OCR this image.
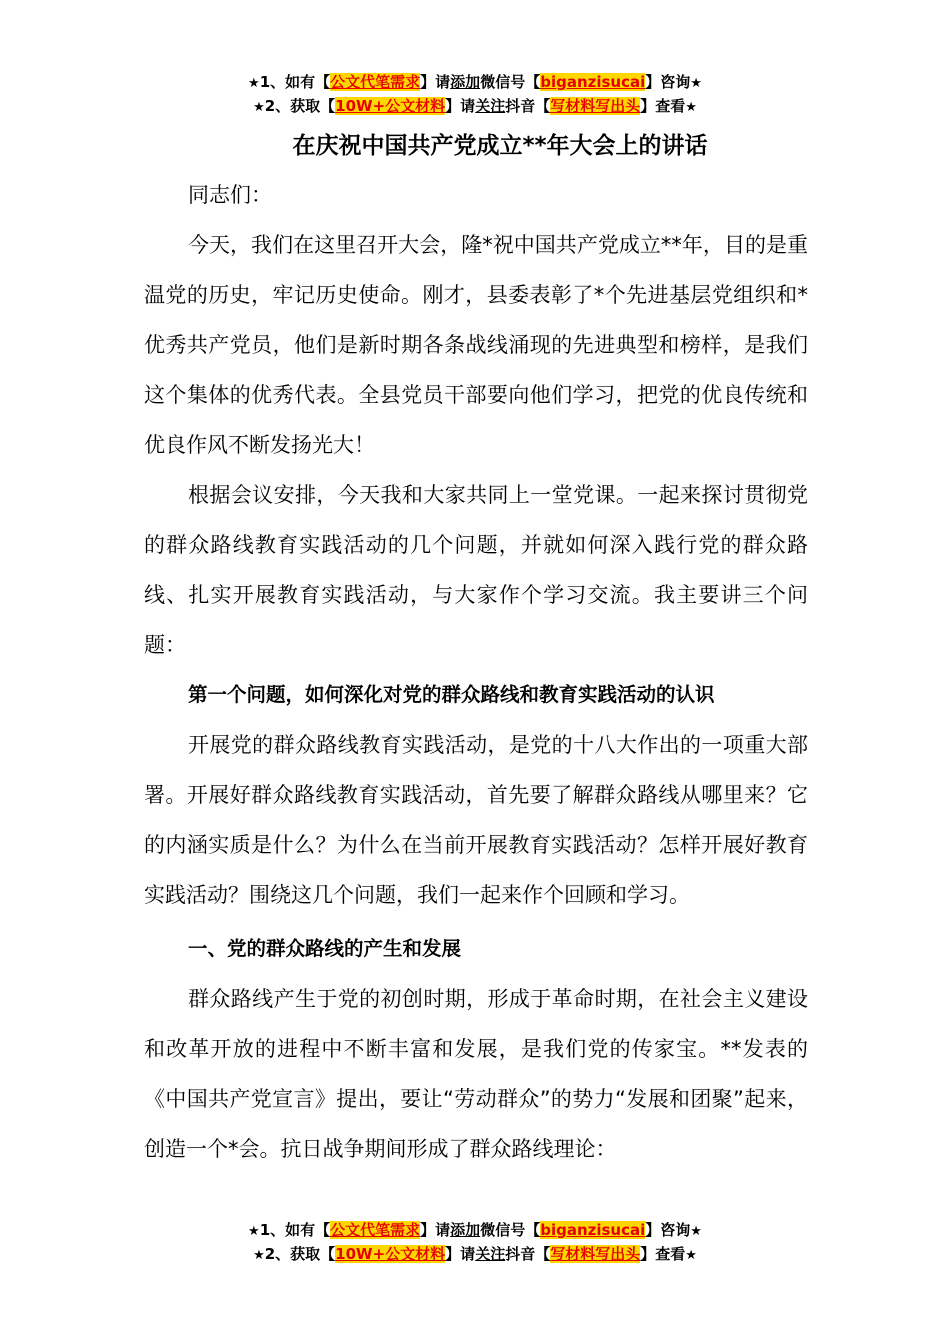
★1、如有【公文代笔需求】请添加微信号【biganzisucai】咨询★
★2、获取【10W+公文材料】请关注抖音【写材料写出头】查看★
在庆祝中国共产党成立**年大会上的讲话

同志们：

今天，我们在这里召开大会，隆*祝中国共产党成立**年，目的是重温党的历史，牢记历史使命。刚才，县委表彰了*个先进基层党组织和*优秀共产党员，他们是新时期各条战线涌现的先进典型和榜样，是我们这个集体的优秀代表。全县党员干部要向他们学习，把党的优良传统和优良作风不断发扬光大！

根据会议安排，今天我和大家共同上一堂党课。一起来探讨贯彻党的群众路线教育实践活动的几个问题，并就如何深入践行党的群众路线、扎实开展教育实践活动，与大家作个学习交流。我主要讲三个问题：

第一个问题，如何深化对党的群众路线和教育实践活动的认识

开展党的群众路线教育实践活动，是党的十八大作出的一项重大部署。开展好群众路线教育实践活动，首先要了解群众路线从哪里来？它的内涵实质是什么？为什么在当前开展教育实践活动？怎样开展好教育实践活动？围绕这几个问题，我们一起来作个回顾和学习。

一、党的群众路线的产生和发展

群众路线产生于党的初创时期，形成于革命时期，在社会主义建设和改革开放的进程中不断丰富和发展，是我们党的传家宝。**发表的《中国共产党宣言》提出，要让“劳动群众”的势力“发展和团聚”起来，创造一个*会。抗日战争期间形成了群众路线理论：

★1、如有【公文代笔需求】请添加微信号【biganzisucai】咨询★
★2、获取【10W+公文材料】请关注抖音【写材料写出头】查看★
